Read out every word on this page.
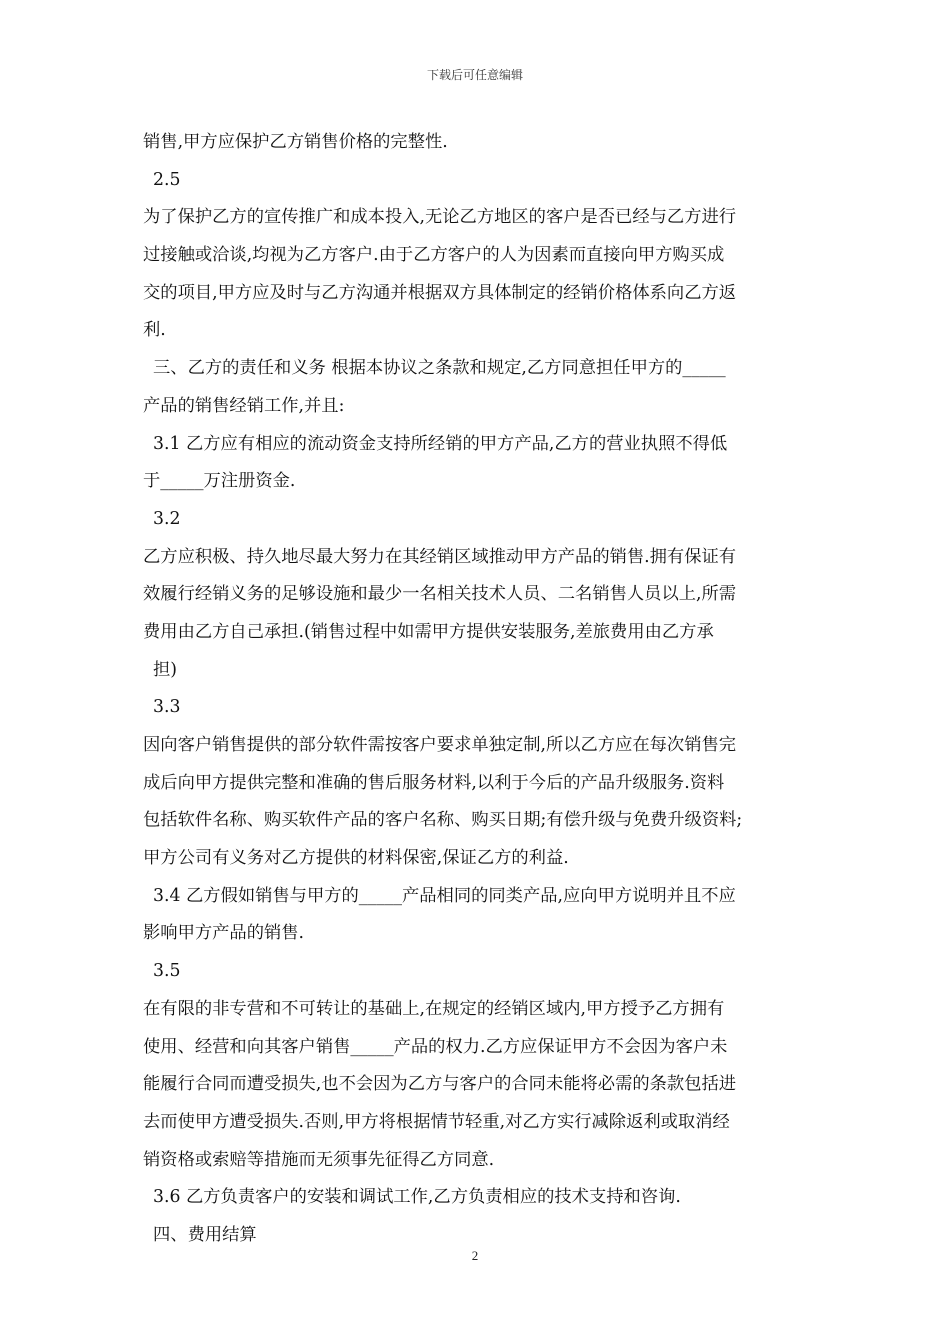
下载后可任意编辑
销售,甲方应保护乙方销售价格的完整性.
2.5
为了保护乙方的宣传推广和成本投入,无论乙方地区的客户是否已经与乙方进行
过接触或洽谈,均视为乙方客户.由于乙方客户的人为因素而直接向甲方购买成
交的项目,甲方应及时与乙方沟通并根据双方具体制定的经销价格体系向乙方返
利.
三、乙方的责任和义务 根据本协议之条款和规定,乙方同意担任甲方的_____
产品的销售经销工作,并且:
3.1 乙方应有相应的流动资金支持所经销的甲方产品,乙方的营业执照不得低
于_____万注册资金.
3.2
乙方应积极、持久地尽最大努力在其经销区域推动甲方产品的销售.拥有保证有
效履行经销义务的足够设施和最少一名相关技术人员、二名销售人员以上,所需
费用由乙方自己承担.(销售过程中如需甲方提供安装服务,差旅费用由乙方承
担)
3.3
因向客户销售提供的部分软件需按客户要求单独定制,所以乙方应在每次销售完
成后向甲方提供完整和准确的售后服务材料,以利于今后的产品升级服务.资料
包括软件名称、购买软件产品的客户名称、购买日期;有偿升级与免费升级资料;
甲方公司有义务对乙方提供的材料保密,保证乙方的利益.
3.4 乙方假如销售与甲方的_____产品相同的同类产品,应向甲方说明并且不应
影响甲方产品的销售.
3.5
在有限的非专营和不可转让的基础上,在规定的经销区域内,甲方授予乙方拥有
使用、经营和向其客户销售_____产品的权力.乙方应保证甲方不会因为客户未
能履行合同而遭受损失,也不会因为乙方与客户的合同未能将必需的条款包括进
去而使甲方遭受损失.否则,甲方将根据情节轻重,对乙方实行减除返利或取消经
销资格或索赔等措施而无须事先征得乙方同意.
3.6 乙方负责客户的安装和调试工作,乙方负责相应的技术支持和咨询.
四、费用结算
2
